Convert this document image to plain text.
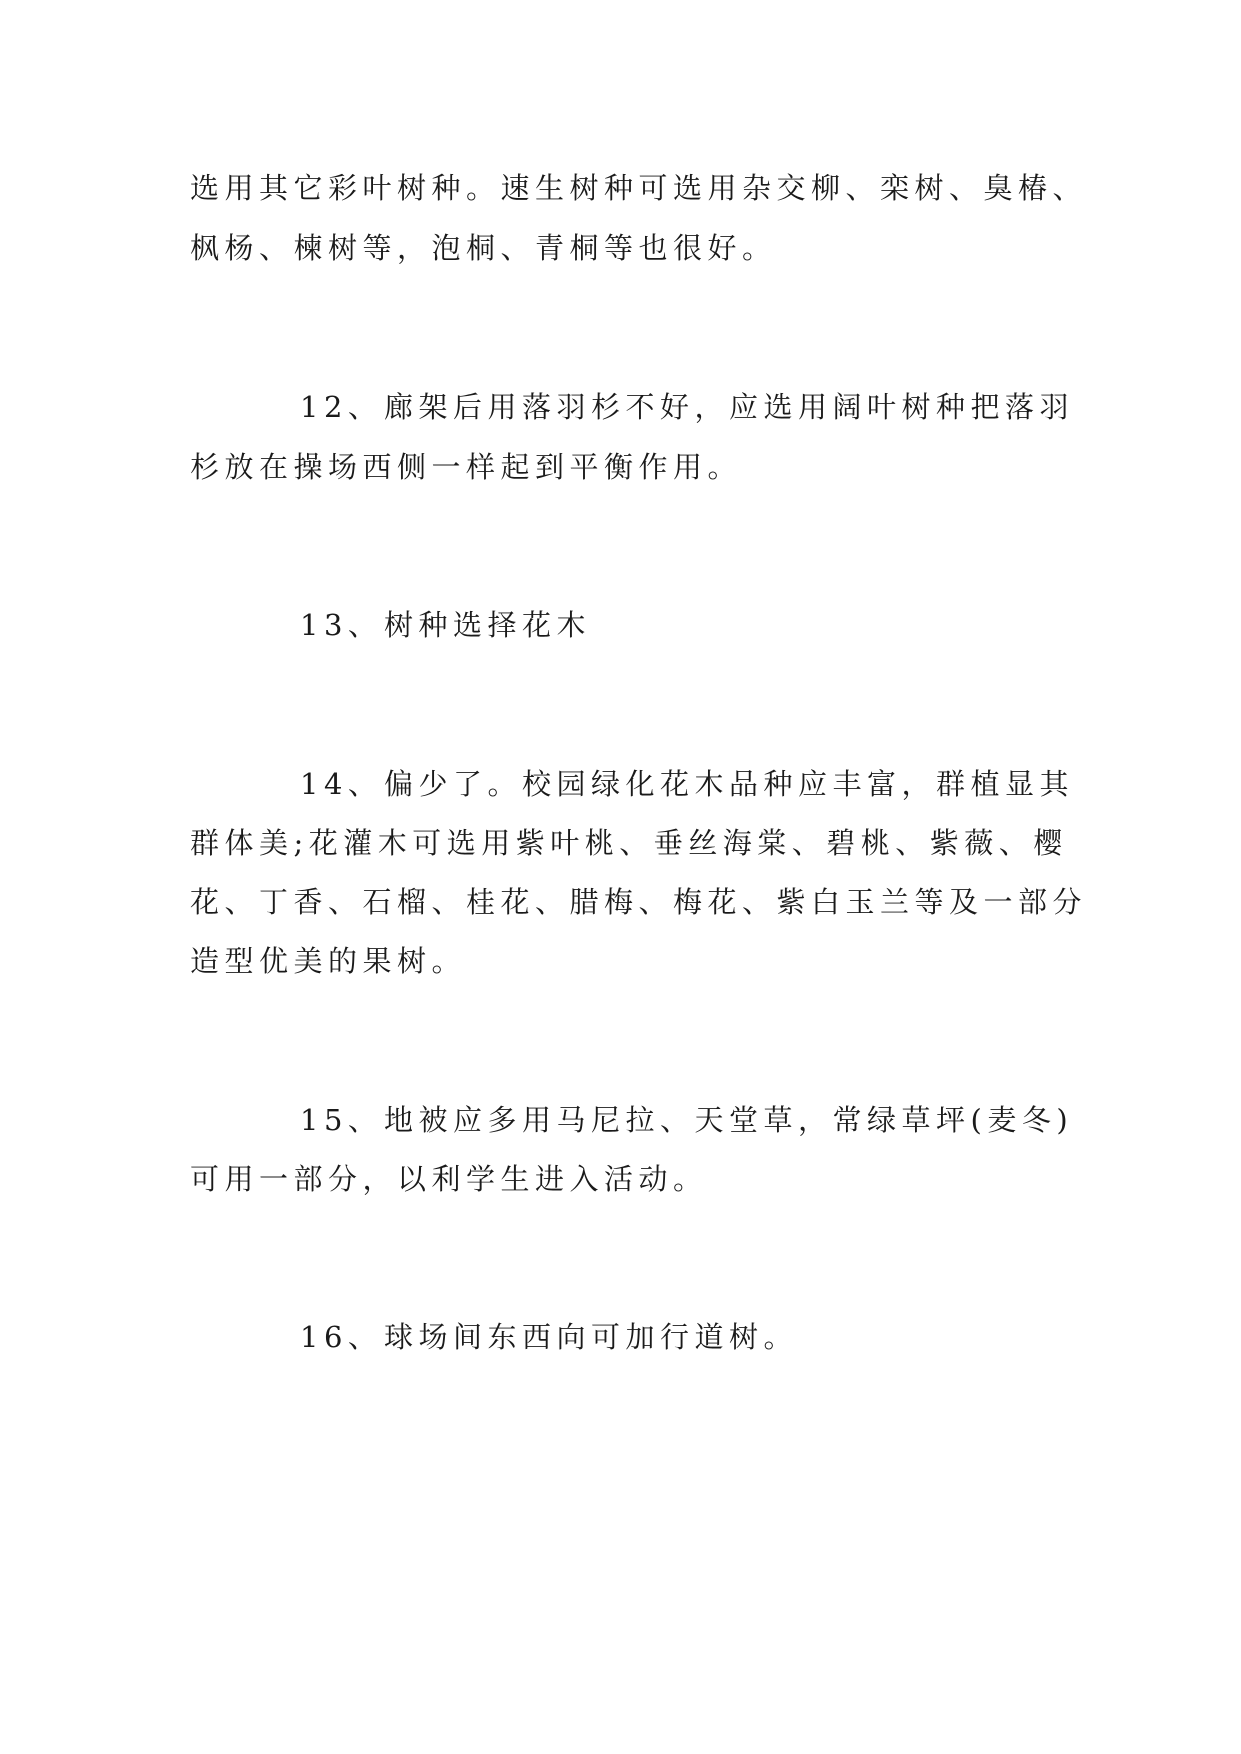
选用其它彩叶树种。速生树种可选用杂交柳、栾树、臭椿、
枫杨、楝树等，泡桐、青桐等也很好。
12、廊架后用落羽杉不好，应选用阔叶树种把落羽
杉放在操场西侧一样起到平衡作用。
13、树种选择花木
14、偏少了。校园绿化花木品种应丰富，群植显其
群体美;花灌木可选用紫叶桃、垂丝海棠、碧桃、紫薇、樱
花、丁香、石榴、桂花、腊梅、梅花、紫白玉兰等及一部分
造型优美的果树。
15、地被应多用马尼拉、天堂草，常绿草坪(麦冬)
可用一部分，以利学生进入活动。
16、球场间东西向可加行道树。
